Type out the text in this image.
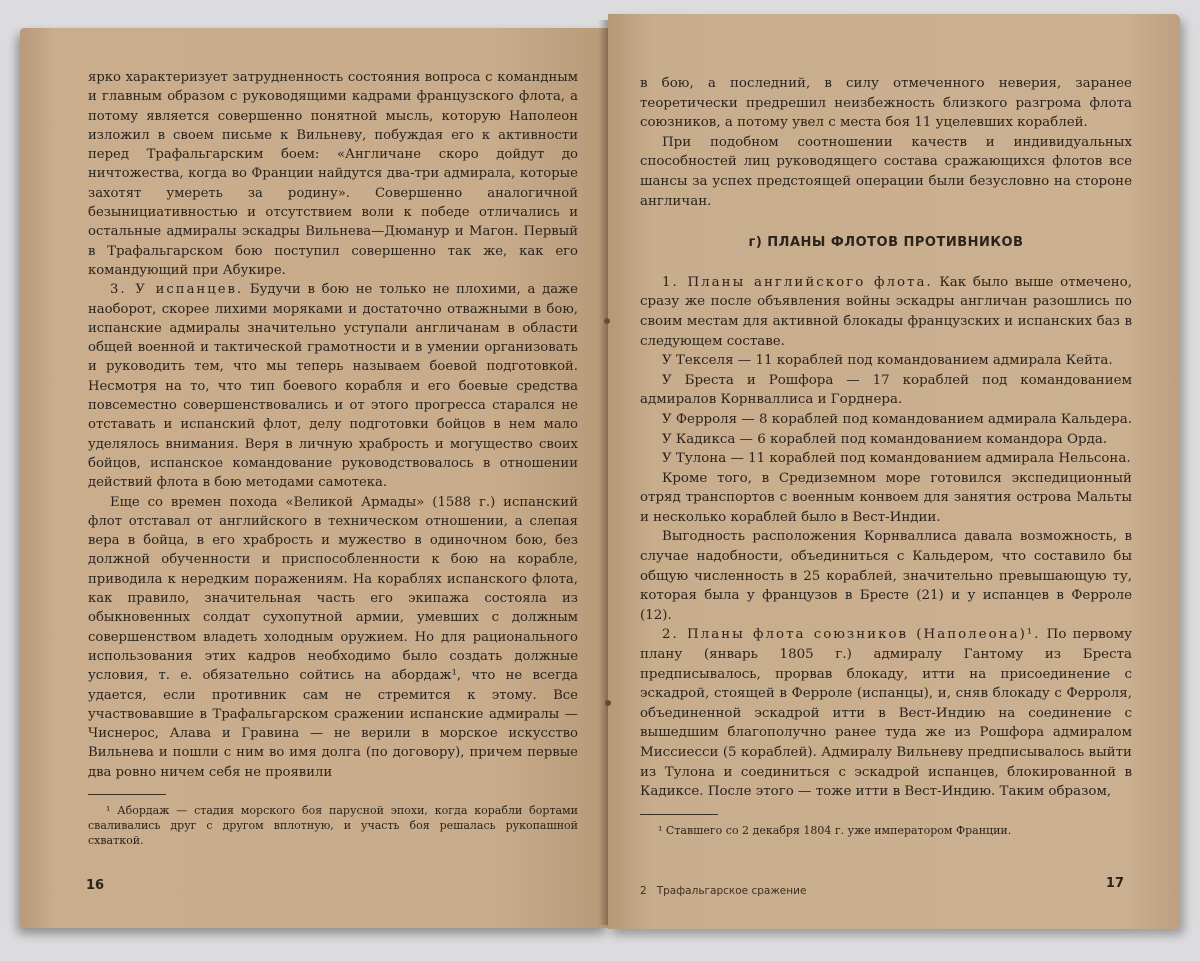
ярко характеризует затрудненность состояния вопроса с командным и главным образом с руководящими кадрами французского флота, а потому является совершенно понятной мысль, которую Наполеон изложил в своем письме к Вильневу, побуждая его к активности перед Трафальгарским боем: «Англичане скоро дойдут до ничтожества, когда во Франции найдутся два-три адмирала, которые захотят умереть за родину». Совершенно аналогичной безынициативностью и отсутствием воли к победе отличались и остальные адмиралы эскадры Вильнева—Дюманур и Магон. Первый в Трафальгарском бою поступил совершенно так же, как его командующий при Абукире.

3. У испанцев. Будучи в бою не только не плохими, а даже наоборот, скорее лихими моряками и достаточно отважными в бою, испанские адмиралы значительно уступали англичанам в области общей военной и тактической грамотности и в умении организовать и руководить тем, что мы теперь называем боевой подготовкой. Несмотря на то, что тип боевого корабля и его боевые средства повсеместно совершенствовались и от этого прогресса старался не отставать и испанский флот, делу подготовки бойцов в нем мало уделялось внимания. Веря в личную храбрость и могущество своих бойцов, испанское командование руководствовалось в отношении действий флота в бою методами самотека.

Еще со времен похода «Великой Армады» (1588 г.) испанский флот отставал от английского в техническом отношении, а слепая вера в бойца, в его храбрость и мужество в одиночном бою, без должной обученности и приспособленности к бою на корабле, приводила к нередким поражениям. На кораблях испанского флота, как правило, значительная часть его экипажа состояла из обыкновенных солдат сухопутной армии, умевших с должным совершенством владеть холодным оружием. Но для рационального использования этих кадров необходимо было создать должные условия, т. е. обязательно сойтись на абордаж¹, что не всегда удается, если противник сам не стремится к этому. Все участвовавшие в Трафальгарском сражении испанские адмиралы — Чиснерос, Алава и Гравина — не верили в морское искусство Вильнева и пошли с ним во имя долга (по договору), причем первые два ровно ничем себя не проявили

¹ Абордаж — стадия морского боя парусной эпохи, когда корабли бортами сваливались друг с другом вплотную, и участь боя решалась рукопашной схваткой.

16

в бою, а последний, в силу отмеченного неверия, заранее теоретически предрешил неизбежность близкого разгрома флота союзников, а потому увел с места боя 11 уцелевших кораблей.

При подобном соотношении качеств и индивидуальных способностей лиц руководящего состава сражающихся флотов все шансы за успех предстоящей операции были безусловно на стороне англичан.

г) ПЛАНЫ ФЛОТОВ ПРОТИВНИКОВ

1. Планы английского флота. Как было выше отмечено, сразу же после объявления войны эскадры англичан разошлись по своим местам для активной блокады французских и испанских баз в следующем составе.

У Текселя — 11 кораблей под командованием адмирала Кейта.

У Бреста и Рошфора — 17 кораблей под командованием адмиралов Корнваллиса и Горднера.

У Ферроля — 8 кораблей под командованием адмирала Кальдера.

У Кадикса — 6 кораблей под командованием командора Орда.

У Тулона — 11 кораблей под командованием адмирала Нельсона.

Кроме того, в Средиземном море готовился экспедиционный отряд транспортов с военным конвоем для занятия острова Мальты и несколько кораблей было в Вест-Индии.

Выгодность расположения Корнваллиса давала возможность, в случае надобности, объединиться с Кальдером, что составило бы общую численность в 25 кораблей, значительно превышающую ту, которая была у французов в Бресте (21) и у испанцев в Ферроле (12).

2. Планы флота союзников (Наполеона)¹. По первому плану (январь 1805 г.) адмиралу Гантому из Бреста предписывалось, прорвав блокаду, итти на присоединение с эскадрой, стоящей в Ферроле (испанцы), и, сняв блокаду с Ферроля, объединенной эскадрой итти в Вест-Индию на соединение с вышедшим благополучно ранее туда же из Рошфора адмиралом Миссиесси (5 кораблей). Адмиралу Вильневу предписывалось выйти из Тулона и соединиться с эскадрой испанцев, блокированной в Кадиксе. После этого — тоже итти в Вест-Индию. Таким образом,

¹ Ставшего со 2 декабря 1804 г. уже императором Франции.

2 Трафальгарское сражение	17
